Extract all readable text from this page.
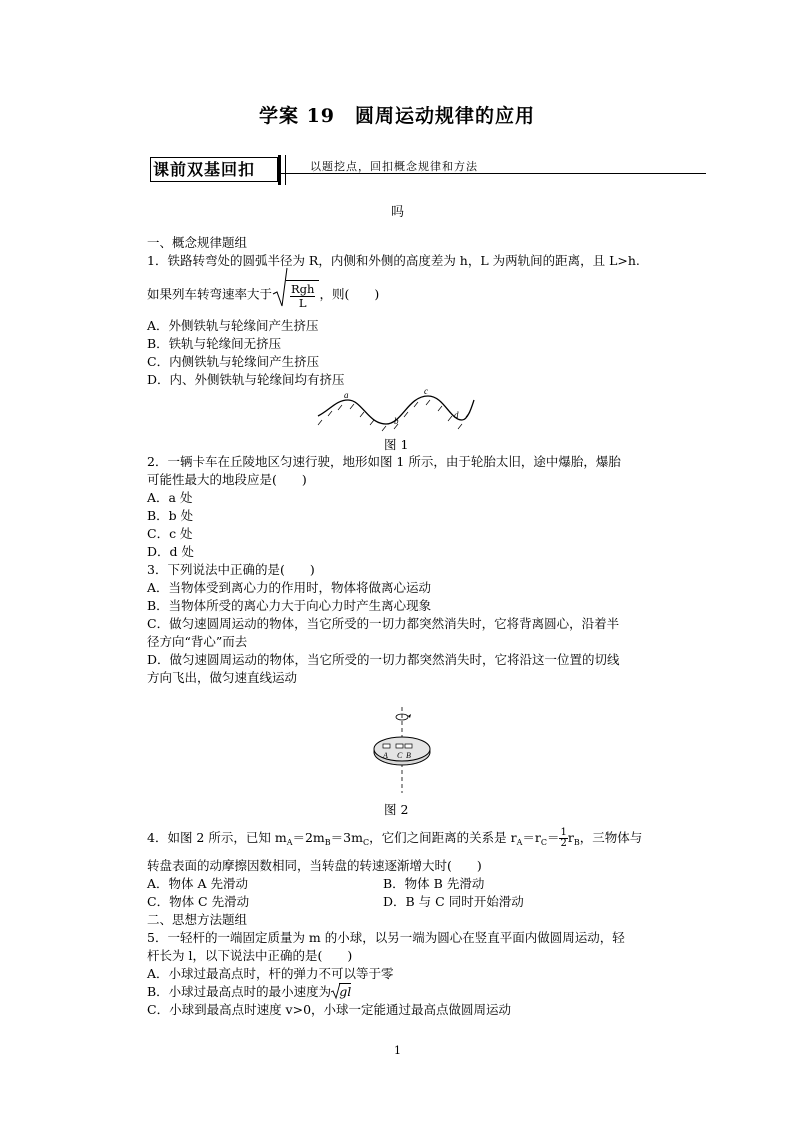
学案 19　圆周运动规律的应用
课前双基回扣	以题挖点，回扣概念规律和方法
吗
一、概念规律题组
1．铁路转弯处的圆弧半径为 R，内侧和外侧的高度差为 h，L 为两轨间的距离，且 L>h.
如果列车转弯速率大于 $\frac{\text{Rgh}}{L}$ ，则(　　)
A．外侧铁轨与轮缘间产生挤压
B．铁轨与轮缘间无挤压
C．内侧铁轨与轮缘间产生挤压
D．内、外侧铁轨与轮缘间均有挤压
a
b
c
d
图 1
2．一辆卡车在丘陵地区匀速行驶，地形如图 1 所示，由于轮胎太旧，途中爆胎，爆胎
可能性最大的地段应是(　　)
A．a 处
B．b 处
C．c 处
D．d 处
3．下列说法中正确的是(　　)
A．当物体受到离心力的作用时，物体将做离心运动
B．当物体所受的离心力大于向心力时产生离心现象
C．做匀速圆周运动的物体，当它所受的一切力都突然消失时，它将背离圆心，沿着半
径方向“背心”而去
D．做匀速圆周运动的物体，当它所受的一切力都突然消失时，它将沿这一位置的切线
方向飞出，做匀速直线运动
A C B
图 2
4．如图 2 所示，已知 $m_A=2m_B=3m_C$，它们之间距离的关系是 $r_A=r_C= \frac{1}{2} r_B$，三物体与
转盘表面的动摩擦因数相同，当转盘的转速逐渐增大时(　　)
A．物体 A 先滑动	B．物体 B 先滑动
C．物体 C 先滑动	D．B 与 C 同时开始滑动
二、思想方法题组
5．一轻杆的一端固定质量为 m 的小球，以另一端为圆心在竖直平面内做圆周运动，轻
杆长为 l，以下说法中正确的是(　　)
A．小球过最高点时，杆的弹力不可以等于零
B．小球过最高点时的最小速度为 gl
C．小球到最高点时速度 v>0，小球一定能通过最高点做圆周运动
1
